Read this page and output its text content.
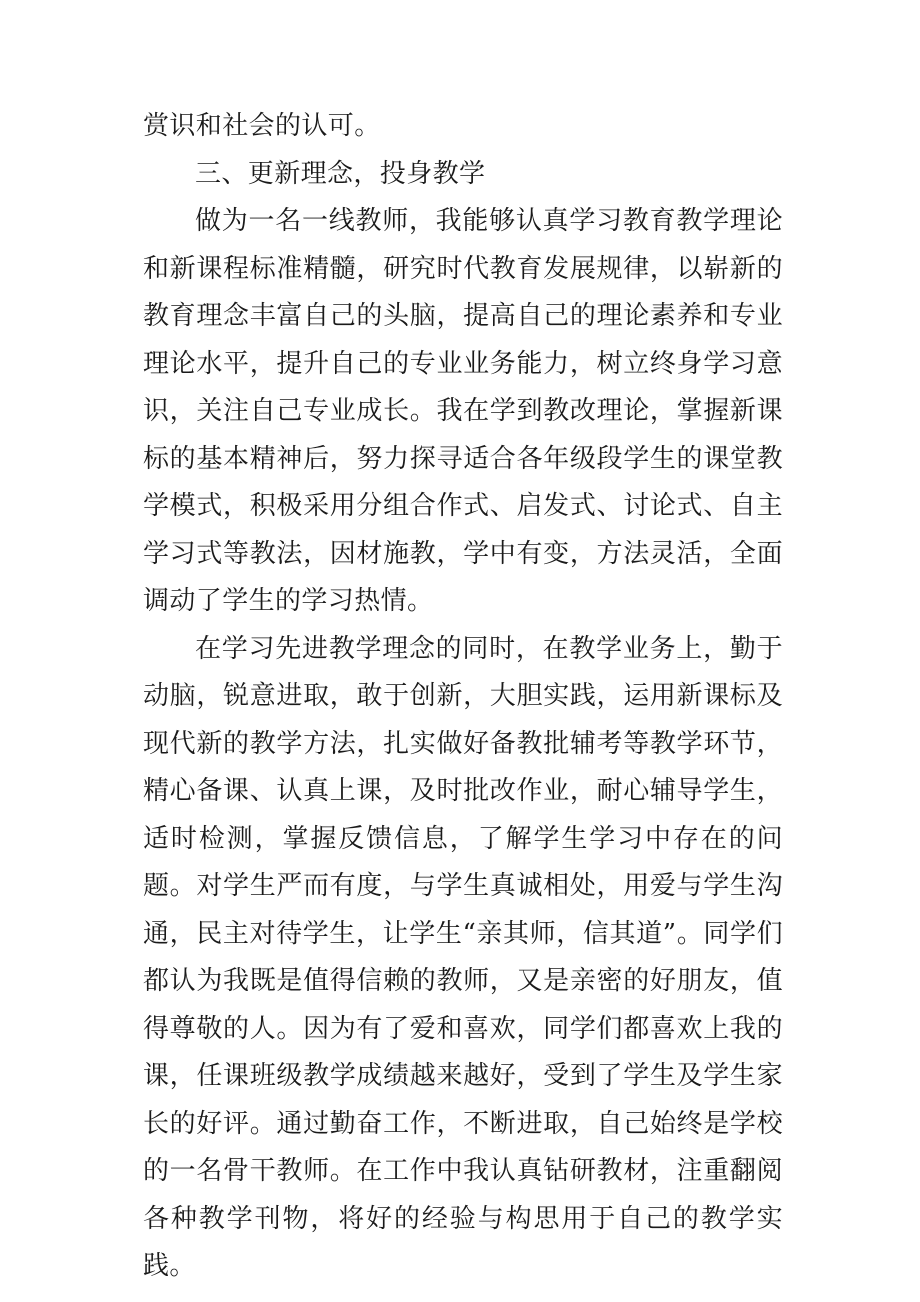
赏识和社会的认可。

三、更新理念，投身教学

做为一名一线教师，我能够认真学习教育教学理论和新课程标准精髓，研究时代教育发展规律，以崭新的教育理念丰富自己的头脑，提高自己的理论素养和专业理论水平，提升自己的专业业务能力，树立终身学习意识，关注自己专业成长。我在学到教改理论，掌握新课标的基本精神后，努力探寻适合各年级段学生的课堂教学模式，积极采用分组合作式、启发式、讨论式、自主学习式等教法，因材施教，学中有变，方法灵活，全面调动了学生的学习热情。

在学习先进教学理念的同时，在教学业务上，勤于动脑，锐意进取，敢于创新，大胆实践，运用新课标及现代新的教学方法，扎实做好备教批辅考等教学环节，精心备课、认真上课，及时批改作业，耐心辅导学生，适时检测，掌握反馈信息，了解学生学习中存在的问题。对学生严而有度，与学生真诚相处，用爱与学生沟通，民主对待学生，让学生“亲其师，信其道”。同学们都认为我既是值得信赖的教师，又是亲密的好朋友，值得尊敬的人。因为有了爱和喜欢，同学们都喜欢上我的课，任课班级教学成绩越来越好，受到了学生及学生家长的好评。通过勤奋工作，不断进取，自己始终是学校的一名骨干教师。在工作中我认真钻研教材，注重翻阅各种教学刊物，将好的经验与构思用于自己的教学实践。
